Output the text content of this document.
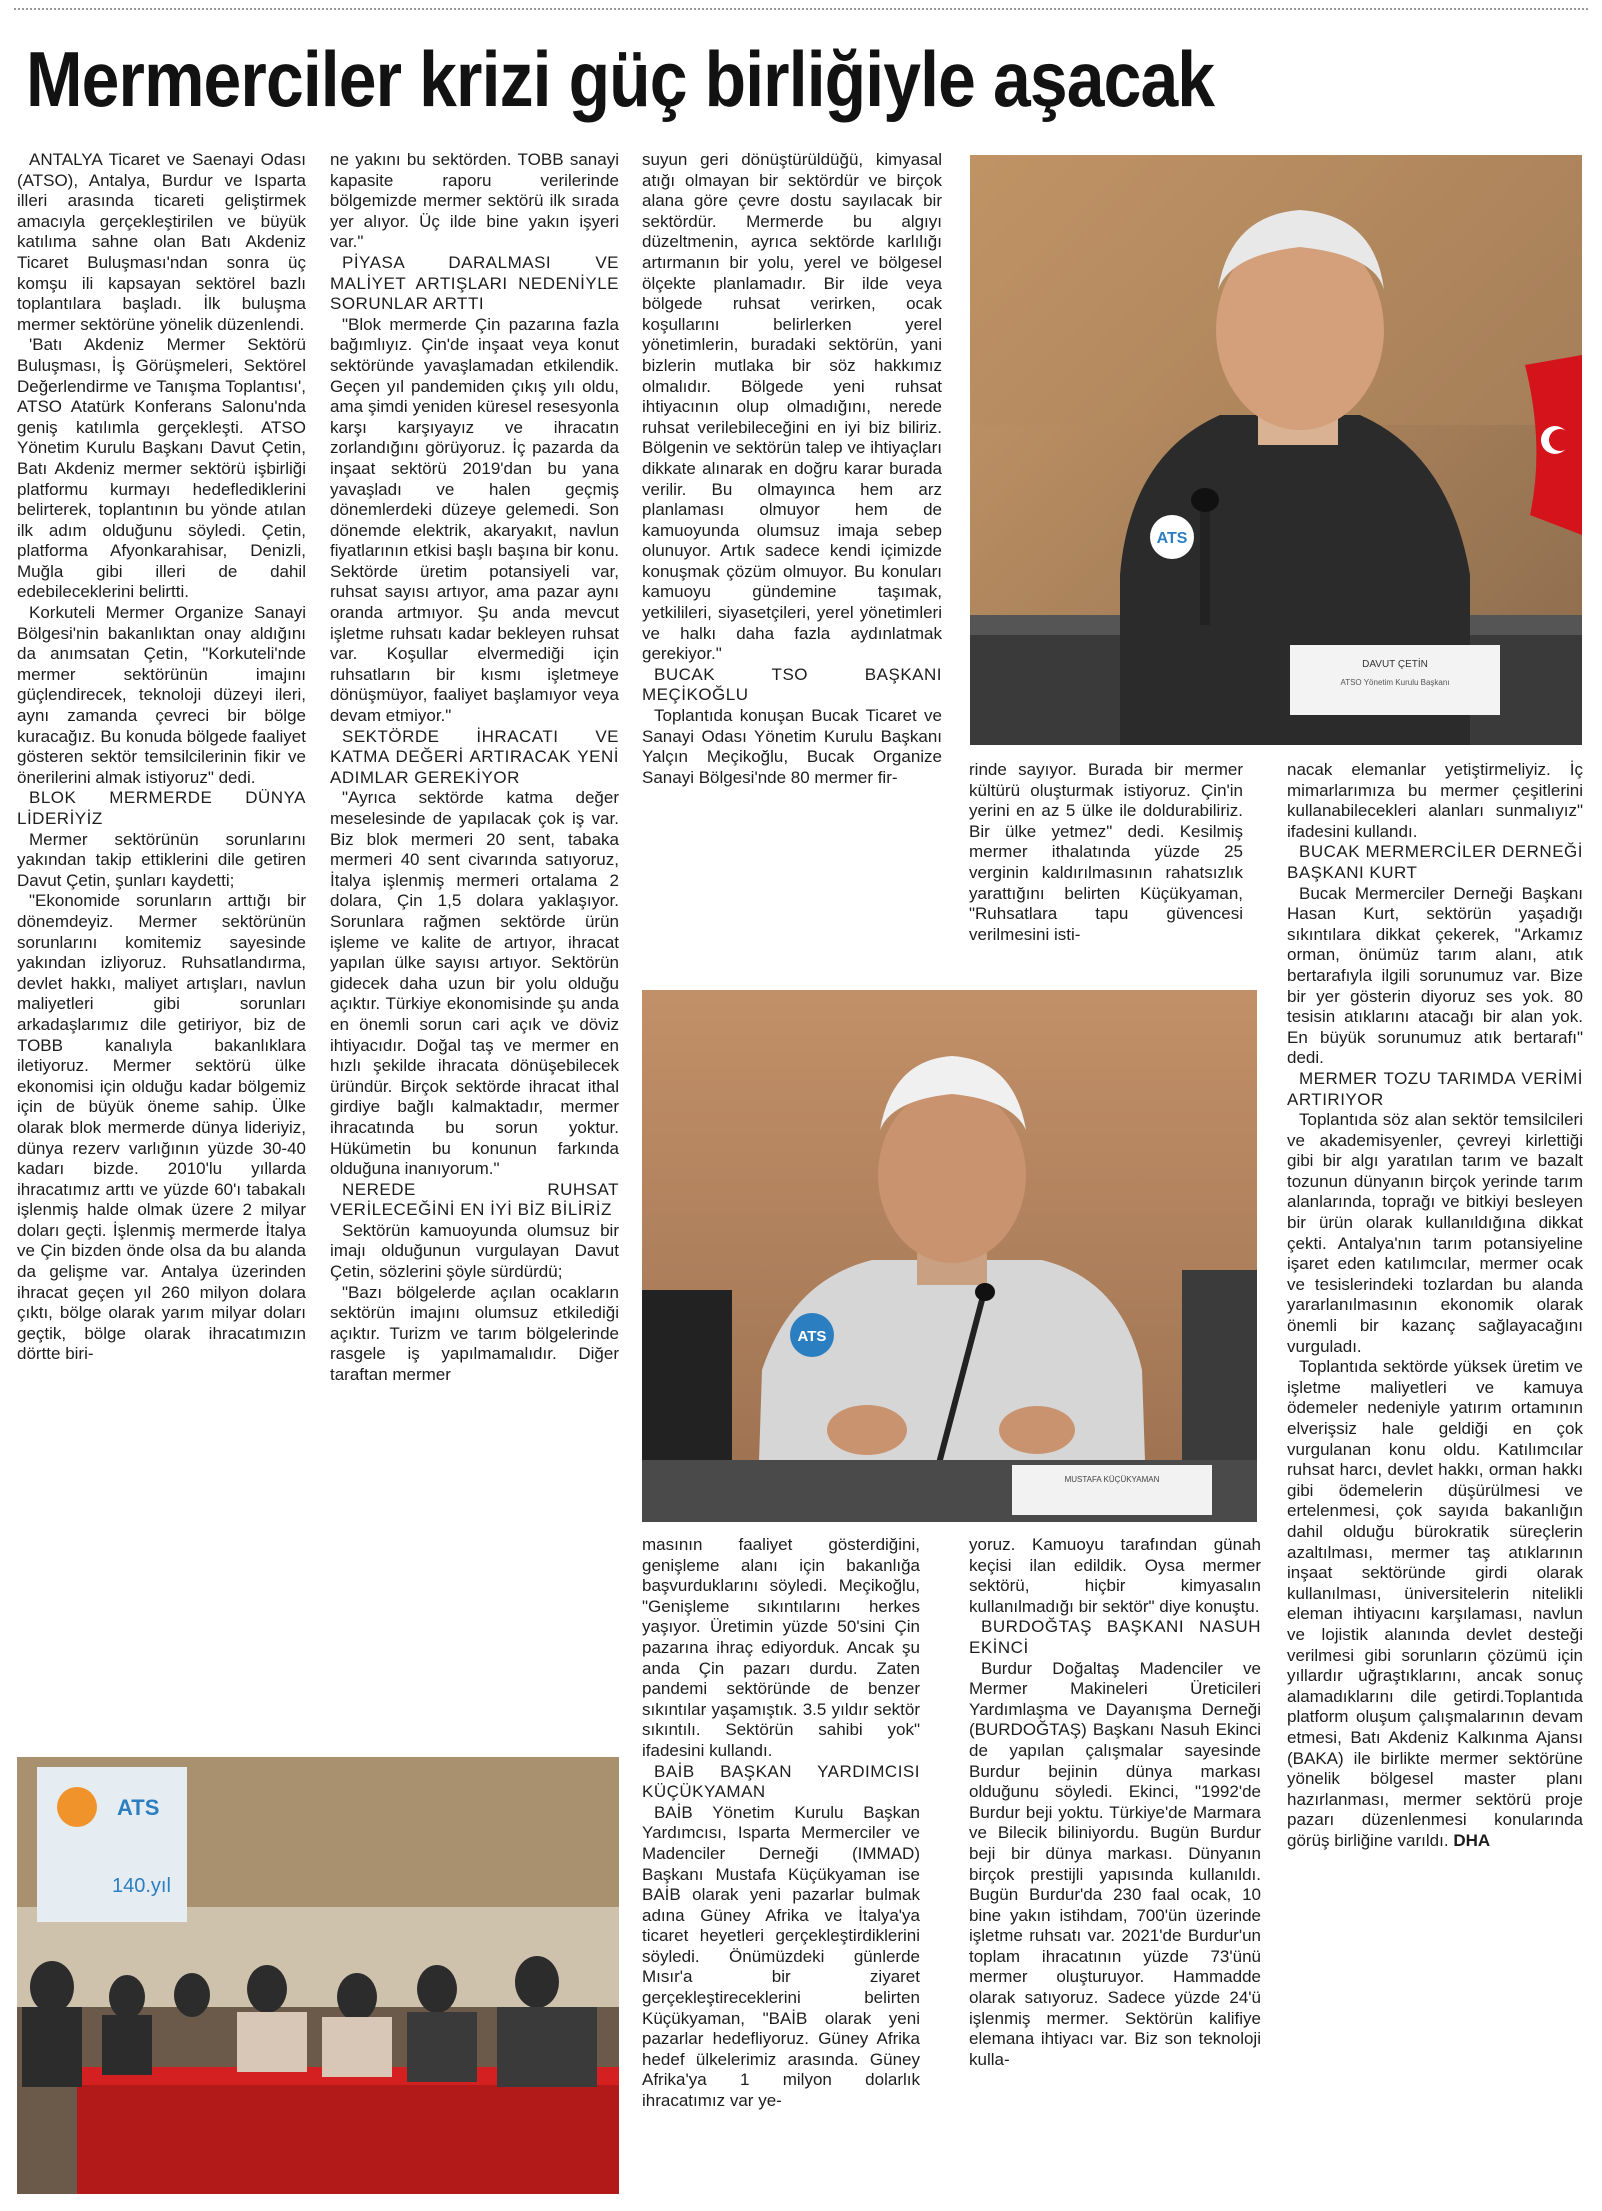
Mermerciler krizi güç birliğiyle aşacak

ANTALYA Ticaret ve Saenayi Odası (ATSO), Antalya, Burdur ve Isparta illeri arasında ticareti geliştirmek amacıyla gerçekleştirilen ve büyük katılıma sahne olan Batı Akdeniz Ticaret Buluşması'ndan sonra üç komşu ili kapsayan sektörel bazlı toplantılara başladı. İlk buluşma mermer sektörüne yönelik düzenlendi.

'Batı Akdeniz Mermer Sektörü Buluşması, İş Görüşmeleri, Sektörel Değerlendirme ve Tanışma Toplantısı', ATSO Atatürk Konferans Salonu'nda geniş katılımla gerçekleşti. ATSO Yönetim Kurulu Başkanı Davut Çetin, Batı Akdeniz mermer sektörü işbirliği platformu kurmayı hedeflediklerini belirterek, toplantının bu yönde atılan ilk adım olduğunu söyledi. Çetin, platforma Afyonkarahisar, Denizli, Muğla gibi illeri de dahil edebileceklerini belirtti.

Korkuteli Mermer Organize Sanayi Bölgesi'nin bakanlıktan onay aldığını da anımsatan Çetin, "Korkuteli'nde mermer sektörünün imajını güçlendirecek, teknoloji düzeyi ileri, aynı zamanda çevreci bir bölge kuracağız. Bu konuda bölgede faaliyet gösteren sektör temsilcilerinin fikir ve önerilerini almak istiyoruz" dedi.

BLOK MERMERDE DÜNYA LİDERİYİZ

Mermer sektörünün sorunlarını yakından takip ettiklerini dile getiren Davut Çetin, şunları kaydetti;

"Ekonomide sorunların arttığı bir dönemdeyiz. Mermer sektörünün sorunlarını komitemiz sayesinde yakından izliyoruz. Ruhsatlandırma, devlet hakkı, maliyet artışları, navlun maliyetleri gibi sorunları arkadaşlarımız dile getiriyor, biz de TOBB kanalıyla bakanlıklara iletiyoruz. Mermer sektörü ülke ekonomisi için olduğu kadar bölgemiz için de büyük öneme sahip. Ülke olarak blok mermerde dünya lideriyiz, dünya rezerv varlığının yüzde 30-40 kadarı bizde. 2010'lu yıllarda ihracatımız arttı ve yüzde 60'ı tabakalı işlenmiş halde olmak üzere 2 milyar doları geçti. İşlenmiş mermerde İtalya ve Çin bizden önde olsa da bu alanda da gelişme var. Antalya üzerinden ihracat geçen yıl 260 milyon dolara çıktı, bölge olarak yarım milyar doları geçtik, bölge olarak ihracatımızın dörtte biri-

ne yakını bu sektörden. TOBB sanayi kapasite raporu verilerinde bölgemizde mermer sektörü ilk sırada yer alıyor. Üç ilde bine yakın işyeri var."

PİYASA DARALMASI VE MALİYET ARTIŞLARI NEDENİYLE SORUNLAR ARTTI

"Blok mermerde Çin pazarına fazla bağımlıyız. Çin'de inşaat veya konut sektöründe yavaşlamadan etkilendik. Geçen yıl pandemiden çıkış yılı oldu, ama şimdi yeniden küresel resesyonla karşı karşıyayız ve ihracatın zorlandığını görüyoruz. İç pazarda da inşaat sektörü 2019'dan bu yana yavaşladı ve halen geçmiş dönemlerdeki düzeye gelemedi. Son dönemde elektrik, akaryakıt, navlun fiyatlarının etkisi başlı başına bir konu. Sektörde üretim potansiyeli var, ruhsat sayısı artıyor, ama pazar aynı oranda artmıyor. Şu anda mevcut işletme ruhsatı kadar bekleyen ruhsat var. Koşullar elvermediği için ruhsatların bir kısmı işletmeye dönüşmüyor, faaliyet başlamıyor veya devam etmiyor."

SEKTÖRDE İHRACATI VE KATMA DEĞERİ ARTIRACAK YENİ ADIMLAR GEREKİYOR

"Ayrıca sektörde katma değer meselesinde de yapılacak çok iş var. Biz blok mermeri 20 sent, tabaka mermeri 40 sent civarında satıyoruz, İtalya işlenmiş mermeri ortalama 2 dolara, Çin 1,5 dolara yaklaşıyor. Sorunlara rağmen sektörde ürün işleme ve kalite de artıyor, ihracat yapılan ülke sayısı artıyor. Sektörün gidecek daha uzun bir yolu olduğu açıktır. Türkiye ekonomisinde şu anda en önemli sorun cari açık ve döviz ihtiyacıdır. Doğal taş ve mermer en hızlı şekilde ihracata dönüşebilecek üründür. Birçok sektörde ihracat ithal girdiye bağlı kalmaktadır, mermer ihracatında bu sorun yoktur. Hükümetin bu konunun farkında olduğuna inanıyorum."

NEREDE RUHSAT VERİLECEĞİNİ EN İYİ BİZ BİLİRİZ

Sektörün kamuoyunda olumsuz bir imajı olduğunun vurgulayan Davut Çetin, sözlerini şöyle sürdürdü;

"Bazı bölgelerde açılan ocakların sektörün imajını olumsuz etkilediği açıktır. Turizm ve tarım bölgelerinde rasgele iş yapılmamalıdır. Diğer taraftan mermer

suyun geri dönüştürüldüğü, kimyasal atığı olmayan bir sektördür ve birçok alana göre çevre dostu sayılacak bir sektördür. Mermerde bu algıyı düzeltmenin, ayrıca sektörde karlılığı artırmanın bir yolu, yerel ve bölgesel ölçekte planlamadır. Bir ilde veya bölgede ruhsat verirken, ocak koşullarını belirlerken yerel yönetimlerin, buradaki sektörün, yani bizlerin mutlaka bir söz hakkımız olmalıdır. Bölgede yeni ruhsat ihtiyacının olup olmadığını, nerede ruhsat verilebileceğini en iyi biz biliriz. Bölgenin ve sektörün talep ve ihtiyaçları dikkate alınarak en doğru karar burada verilir. Bu olmayınca hem arz planlaması olmuyor hem de kamuoyunda olumsuz imaja sebep olunuyor. Artık sadece kendi içimizde konuşmak çözüm olmuyor. Bu konuları kamuoyu gündemine taşımak, yetkilileri, siyasetçileri, yerel yönetimleri ve halkı daha fazla aydınlatmak gerekiyor."

BUCAK TSO BAŞKANI MEÇİKOĞLU

Toplantıda konuşan Bucak Ticaret ve Sanayi Odası Yönetim Kurulu Başkanı Yalçın Meçikoğlu, Bucak Organize Sanayi Bölgesi'nde 80 mermer fir-	rinde sayıyor. Burada bir mermer kültürü oluşturmak istiyoruz. Çin'in yerini en az 5 ülke ile doldurabiliriz. Bir ülke yetmez" dedi. Kesilmiş mermer ithalatında yüzde 25 verginin kaldırılmasının rahatsızlık yarattığını belirten Küçükyaman, "Ruhsatlara tapu güvencesi verilmesini isti-

masının faaliyet gösterdiğini, genişleme alanı için bakanlığa başvurduklarını söyledi. Meçikoğlu, "Genişleme sıkıntılarını herkes yaşıyor. Üretimin yüzde 50'sini Çin pazarına ihraç ediyorduk. Ancak şu anda Çin pazarı durdu. Zaten pandemi sektöründe de benzer sıkıntılar yaşamıştık. 3.5 yıldır sektör sıkıntılı. Sektörün sahibi yok" ifadesini kullandı.

BAİB BAŞKAN YARDIMCISI KÜÇÜKYAMAN

BAİB Yönetim Kurulu Başkan Yardımcısı, Isparta Mermerciler ve Madenciler Derneği (IMMAD) Başkanı Mustafa Küçükyaman ise BAİB olarak yeni pazarlar bulmak adına Güney Afrika ve İtalya'ya ticaret heyetleri gerçekleştirdiklerini söyledi. Önümüzdeki günlerde Mısır'a bir ziyaret gerçekleştireceklerini belirten Küçükyaman, "BAİB olarak yeni pazarlar hedefliyoruz. Güney Afrika hedef ülkelerimiz arasında. Güney Afrika'ya 1 milyon dolarlık ihracatımız var ye-

yoruz. Kamuoyu tarafından günah keçisi ilan edildik. Oysa mermer sektörü, hiçbir kimyasalın kullanılmadığı bir sektör" diye konuştu.

BURDOĞTAŞ BAŞKANI NASUH EKİNCİ

Burdur Doğaltaş Madenciler ve Mermer Makineleri Üreticileri Yardımlaşma ve Dayanışma Derneği (BURDOĞTAŞ) Başkanı Nasuh Ekinci de yapılan çalışmalar sayesinde Burdur bejinin dünya markası olduğunu söyledi. Ekinci, "1992'de Burdur beji yoktu. Türkiye'de Marmara ve Bilecik biliniyordu. Bugün Burdur beji bir dünya markası. Dünyanın birçok prestijli yapısında kullanıldı. Bugün Burdur'da 230 faal ocak, 10 bine yakın istihdam, 700'ün üzerinde işletme ruhsatı var. 2021'de Burdur'un toplam ihracatının yüzde 73'ünü mermer oluşturuyor. Hammadde olarak satıyoruz. Sadece yüzde 24'ü işlenmiş mermer. Sektörün kalifiye elemana ihtiyacı var. Biz son teknoloji kulla-

nacak elemanlar yetiştirmeliyiz. İç mimarlarımıza bu mermer çeşitlerini kullanabilecekleri alanları sunmalıyız" ifadesini kullandı.

BUCAK MERMERCİLER DERNEĞİ BAŞKANI KURT

Bucak Mermerciler Derneği Başkanı Hasan Kurt, sektörün yaşadığı sıkıntılara dikkat çekerek, "Arkamız orman, önümüz tarım alanı, atık bertarafıyla ilgili sorunumuz var. Bize bir yer gösterin diyoruz ses yok. 80 tesisin atıklarını atacağı bir alan yok. En büyük sorunumuz atık bertarafı" dedi.

MERMER TOZU TARIMDA VERİMİ ARTIRIYOR

Toplantıda söz alan sektör temsilcileri ve akademisyenler, çevreyi kirlettiği gibi bir algı yaratılan tarım ve bazalt tozunun dünyanın birçok yerinde tarım alanlarında, toprağı ve bitkiyi besleyen bir ürün olarak kullanıldığına dikkat çekti. Antalya'nın tarım potansiyeline işaret eden katılımcılar, mermer ocak ve tesislerindeki tozlardan bu alanda yararlanılmasının ekonomik olarak önemli bir kazanç sağlayacağını vurguladı.

Toplantıda sektörde yüksek üretim ve işletme maliyetleri ve kamuya ödemeler nedeniyle yatırım ortamının elverişsiz hale geldiği en çok vurgulanan konu oldu. Katılımcılar ruhsat harcı, devlet hakkı, orman hakkı gibi ödemelerin düşürülmesi ve ertelenmesi, çok sayıda bakanlığın dahil olduğu bürokratik süreçlerin azaltılması, mermer taş atıklarının inşaat sektöründe girdi olarak kullanılması, üniversitelerin nitelikli eleman ihtiyacını karşılaması, navlun ve lojistik alanında devlet desteği verilmesi gibi sorunların çözümü için yıllardır uğraştıklarını, ancak sonuç alamadıklarını dile getirdi.Toplantıda platform oluşum çalışmalarının devam etmesi, Batı Akdeniz Kalkınma Ajansı (BAKA) ile birlikte mermer sektörüne yönelik bölgesel master planı hazırlanması, mermer sektörü proje pazarı düzenlenmesi konularında görüş birliğine varıldı. DHA

ATS
DAVUT ÇETİN
ATSO Yönetim Kurulu Başkanı
ATS
MUSTAFA KÜÇÜKYAMAN
ATS
140.yıl
